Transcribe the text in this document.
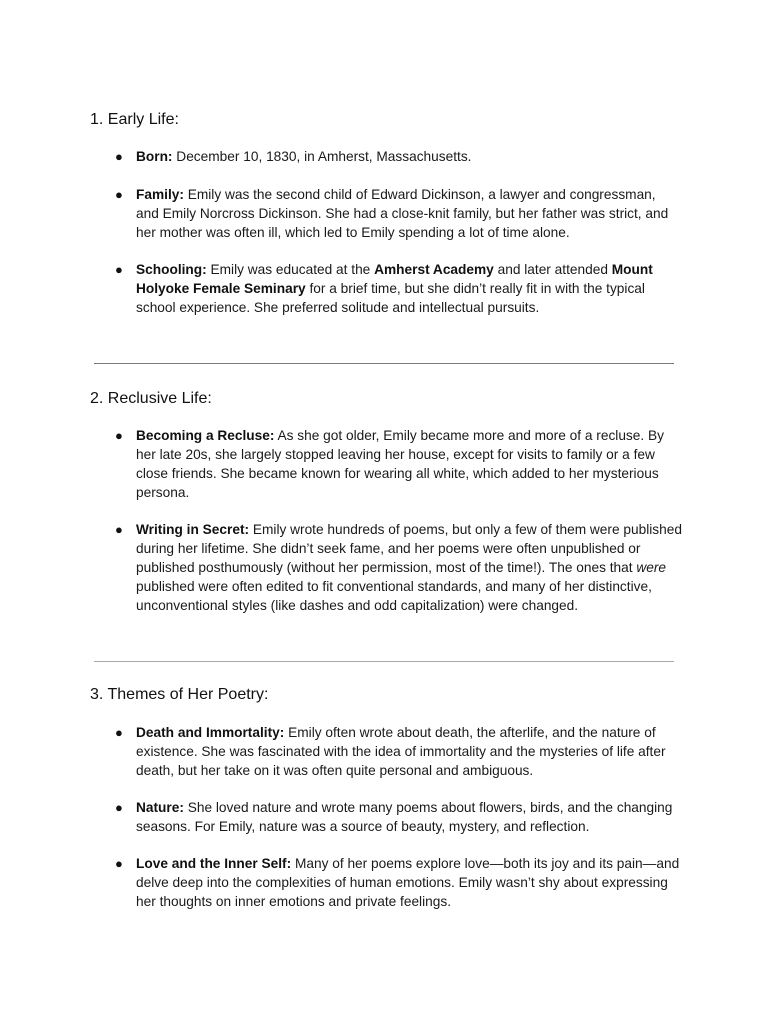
1. Early Life:
● Born: December 10, 1830, in Amherst, Massachusetts.
● Family: Emily was the second child of Edward Dickinson, a lawyer and congressman, and Emily Norcross Dickinson. She had a close-knit family, but her father was strict, and her mother was often ill, which led to Emily spending a lot of time alone.
● Schooling: Emily was educated at the Amherst Academy and later attended Mount Holyoke Female Seminary for a brief time, but she didn’t really fit in with the typical school experience. She preferred solitude and intellectual pursuits.
2. Reclusive Life:
● Becoming a Recluse: As she got older, Emily became more and more of a recluse. By her late 20s, she largely stopped leaving her house, except for visits to family or a few close friends. She became known for wearing all white, which added to her mysterious persona.
● Writing in Secret: Emily wrote hundreds of poems, but only a few of them were published during her lifetime. She didn’t seek fame, and her poems were often unpublished or published posthumously (without her permission, most of the time!). The ones that were published were often edited to fit conventional standards, and many of her distinctive, unconventional styles (like dashes and odd capitalization) were changed.
3. Themes of Her Poetry:
● Death and Immortality: Emily often wrote about death, the afterlife, and the nature of existence. She was fascinated with the idea of immortality and the mysteries of life after death, but her take on it was often quite personal and ambiguous.
● Nature: She loved nature and wrote many poems about flowers, birds, and the changing seasons. For Emily, nature was a source of beauty, mystery, and reflection.
● Love and the Inner Self: Many of her poems explore love—both its joy and its pain—and delve deep into the complexities of human emotions. Emily wasn’t shy about expressing her thoughts on inner emotions and private feelings.
